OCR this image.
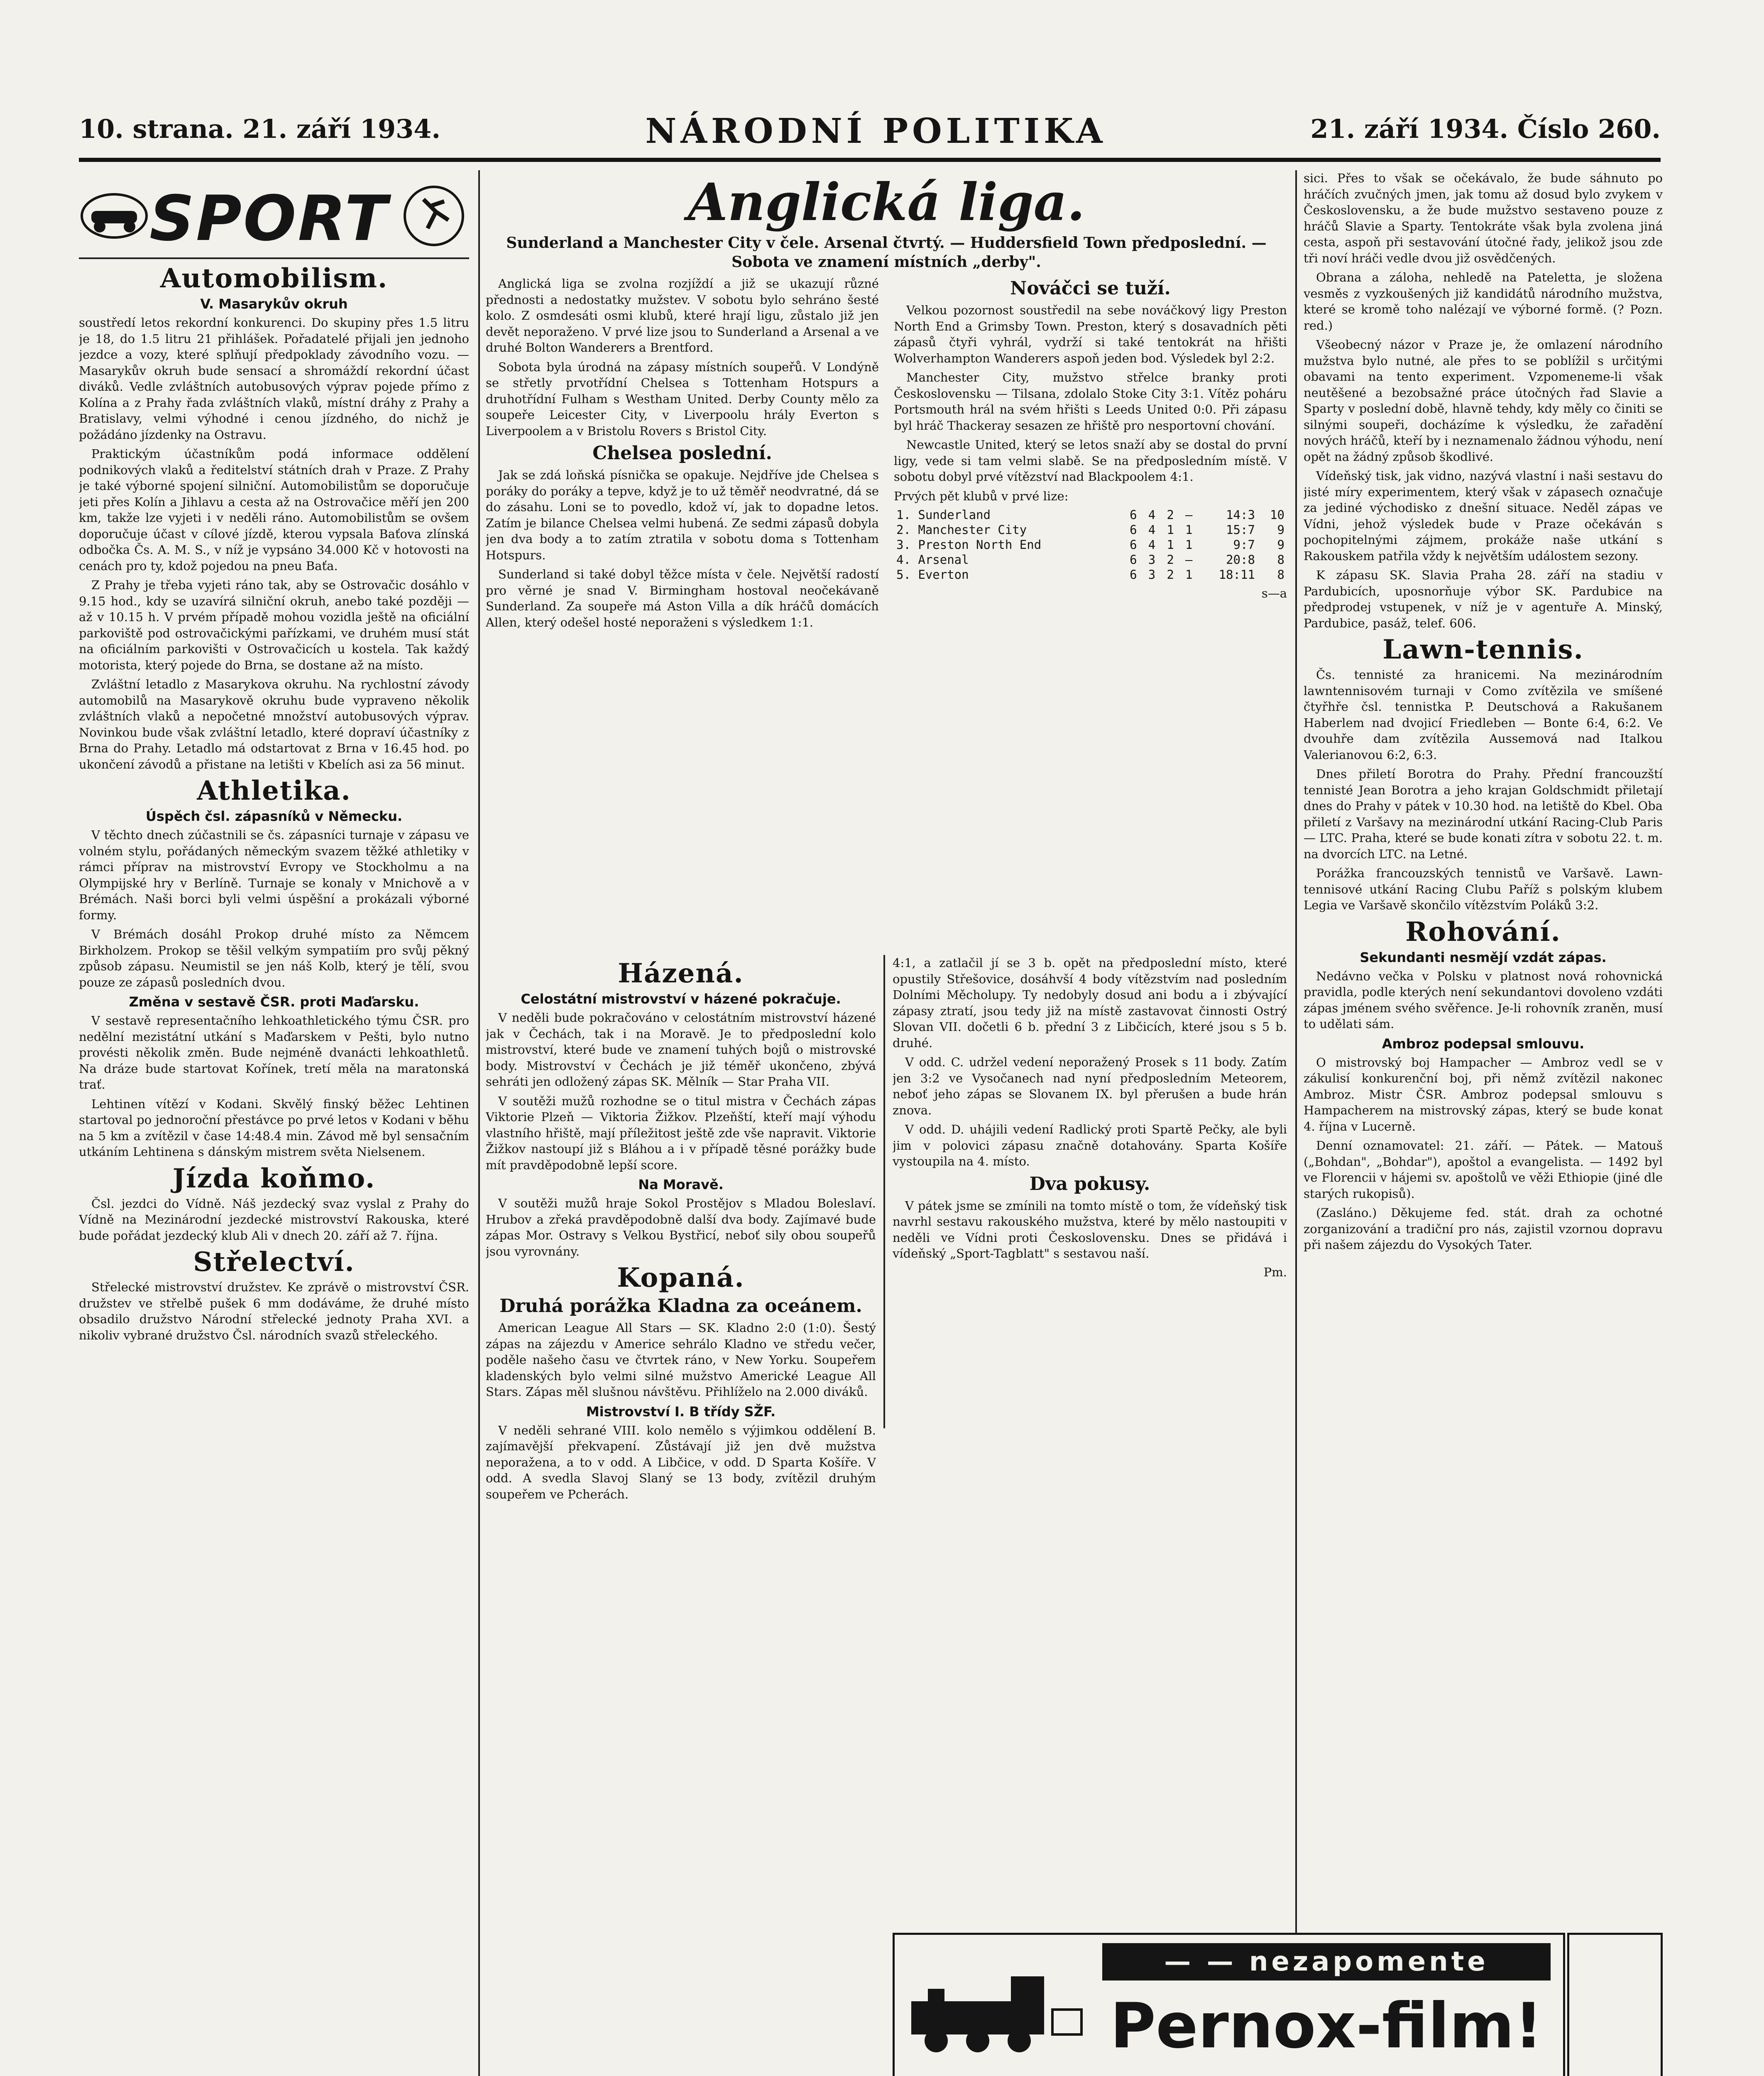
10. strana. 21. září 1934.	NÁRODNÍ POLITIKA	21. září 1934. Číslo 260.
SPORT
Automobilism.
V. Masarykův okruh

soustředí letos rekordní konkurenci. Do skupiny přes 1.5 litru je 18, do 1.5 litru 21 přihlášek. Pořadatelé přijali jen jednoho jezdce a vozy, které splňují předpoklady závodního vozu. — Masarykův okruh bude sensací a shromáždí rekordní účast diváků. Vedle zvláštních autobusových výprav pojede přímo z Kolína a z Prahy řada zvláštních vlaků, místní dráhy z Prahy a Bratislavy, velmi výhodné i cenou jízdného, do nichž je požádáno jízdenky na Ostravu.

Praktickým účastníkům podá informace oddělení podnikových vlaků a ředitelství státních drah v Praze. Z Prahy je také výborné spojení silniční. Automobilistům se doporučuje jeti přes Kolín a Jihlavu a cesta až na Ostrovačice měří jen 200 km, takže lze vyjeti i v neděli ráno. Automobilistům se ovšem doporučuje účast v cílové jízdě, kterou vypsala Baťova zlínská odbočka Čs. A. M. S., v níž je vypsáno 34.000 Kč v hotovosti na cenách pro ty, kdož pojedou na pneu Baťa.

Z Prahy je třeba vyjeti ráno tak, aby se Ostrovačic dosáhlo v 9.15 hod., kdy se uzavírá silniční okruh, anebo také později — až v 10.15 h. V prvém případě mohou vozidla ještě na oficiální parkoviště pod ostrovačickými pařízkami, ve druhém musí stát na oficiálním parkovišti v Ostrovačicích u kostela. Tak každý motorista, který pojede do Brna, se dostane až na místo.

Zvláštní letadlo z Masarykova okruhu. Na rychlostní závody automobilů na Masarykově okruhu bude vypraveno několik zvláštních vlaků a nepočetné množství autobusových výprav. Novinkou bude však zvláštní letadlo, které dopraví účastníky z Brna do Prahy. Letadlo má odstartovat z Brna v 16.45 hod. po ukončení závodů a přistane na letišti v Kbelích asi za 56 minut.

Athletika.
Úspěch čsl. zápasníků v Německu.

V těchto dnech zúčastnili se čs. zápasníci turnaje v zápasu ve volném stylu, pořádaných německým svazem těžké athletiky v rámci příprav na mistrovství Evropy ve Stockholmu a na Olympijské hry v Berlíně. Turnaje se konaly v Mnichově a v Brémách. Naši borci byli velmi úspěšní a prokázali výborné formy.

V Brémách dosáhl Prokop druhé místo za Němcem Birkholzem. Prokop se těšil velkým sympatiím pro svůj pěkný způsob zápasu. Neumistil se jen náš Kolb, který je tělí, svou pouze ze zápasů posledních dvou.

Změna v sestavě ČSR. proti Maďarsku.

V sestavě representačního lehkoathletického týmu ČSR. pro nedělní mezistátní utkání s Maďarskem v Pešti, bylo nutno provésti několik změn. Bude nejméně dvanácti lehkoathletů. Na dráze bude startovat Kořínek, tretí měla na maratonská trať.

Lehtinen vítězí v Kodani. Skvělý finský běžec Lehtinen startoval po jednoroční přestávce po prvé letos v Kodani v běhu na 5 km a zvítězil v čase 14:48.4 min. Závod mě byl sensačním utkáním Lehtinena s dánským mistrem světa Nielsenem.

Jízda koňmo.

Čsl. jezdci do Vídně. Náš jezdecký svaz vyslal z Prahy do Vídně na Mezinárodní jezdecké mistrovství Rakouska, které bude pořádat jezdecký klub Ali v dnech 20. září až 7. října.

Střelectví.

Střelecké mistrovství družstev. Ke zprávě o mistrovství ČSR. družstev ve střelbě pušek 6 mm dodáváme, že druhé místo obsadilo družstvo Národní střelecké jednoty Praha XVI. a nikoliv vybrané družstvo Čsl. národních svazů střeleckého.

Anglická liga.
Sunderland a Manchester City v čele. Arsenal čtvrtý. — Huddersfield Town předposlední. — Sobota ve znamení místních „derby".

Anglická liga se zvolna rozjíždí a již se ukazují různé přednosti a nedostatky mužstev. V sobotu bylo sehráno šesté kolo. Z osmdesáti osmi klubů, které hrají ligu, zůstalo již jen devět neporaženo. V prvé lize jsou to Sunderland a Arsenal a ve druhé Bolton Wanderers a Brentford.

Sobota byla úrodná na zápasy místních soupeřů. V Londýně se střetly prvotřídní Chelsea s Tottenham Hotspurs a druhotřídní Fulham s Westham United. Derby County mělo za soupeře Leicester City, v Liverpoolu hrály Everton s Liverpoolem a v Bristolu Rovers s Bristol City.

Chelsea poslední.

Jak se zdá loňská písnička se opakuje. Nejdříve jde Chelsea s poráky do poráky a tepve, když je to už těměř neodvratné, dá se do zásahu. Loni se to povedlo, kdož ví, jak to dopadne letos. Zatím je bilance Chelsea velmi hubená. Ze sedmi zápasů dobyla jen dva body a to zatím ztratila v sobotu doma s Tottenham Hotspurs.

Sunderland si také dobyl těžce místa v čele. Největší radostí pro věrné je snad V. Birmingham hostoval neočekávaně Sunderland. Za soupeře má Aston Villa a dík hráčů domácích Allen, který odešel hosté neporaženi s výsledkem 1:1.

Nováčci se tuží.

Velkou pozornost soustředil na sebe nováčkový ligy Preston North End a Grimsby Town. Preston, který s dosavadních pěti zápasů čtyři vyhrál, vydrží si také tentokrát na hřišti Wolverhampton Wanderers aspoň jeden bod. Výsledek byl 2:2.

Manchester City, mužstvo střelce branky proti Československu — Tilsana, zdolalo Stoke City 3:1. Vítěz poháru Portsmouth hrál na svém hřišti s Leeds United 0:0. Při zápasu byl hráč Thackeray sesazen ze hřiště pro nesportovní chování.

Newcastle United, který se letos snaží aby se dostal do první ligy, vede si tam velmi slabě. Se na předposledním místě. V sobotu dobyl prvé vítězství nad Blackpoolem 4:1.

Prvých pět klubů v prvé lize:

1. Sunderland	6	4	2	—	14:3	10
2. Manchester City	6	4	1	1	15:7	9
3. Preston North End	6	4	1	1	9:7	9
4. Arsenal	6	3	2	—	20:8	8
5. Everton	6	3	2	1	18:11	8
s—a
Házená.
Celostátní mistrovství v házené pokračuje.

V neděli bude pokračováno v celostátním mistrovství házené jak v Čechách, tak i na Moravě. Je to předposlední kolo mistrovství, které bude ve znamení tuhých bojů o mistrovské body. Mistrovství v Čechách je již téměř ukončeno, zbývá sehráti jen odložený zápas SK. Mělník — Star Praha VII.

V soutěži mužů rozhodne se o titul mistra v Čechách zápas Viktorie Plzeň — Viktoria Žižkov. Plzeňští, kteří mají výhodu vlastního hřiště, mají příležitost ještě zde vše napravit. Viktorie Žižkov nastoupí již s Bláhou a i v případě těsné porážky bude mít pravděpodobně lepší score.

Na Moravě.

V soutěži mužů hraje Sokol Prostějov s Mladou Boleslaví. Hrubov a zřeká pravděpodobně další dva body. Zajímavé bude zápas Mor. Ostravy s Velkou Bystřicí, neboť sily obou soupeřů jsou vyrovnány.

Kopaná.
Druhá porážka Kladna za oceánem.

American League All Stars — SK. Kladno 2:0 (1:0). Šestý zápas na zájezdu v Americe sehrálo Kladno ve středu večer, poděle našeho času ve čtvrtek ráno, v New Yorku. Soupeřem kladenských bylo velmi silné mužstvo Americké League All Stars. Zápas měl slušnou návštěvu. Přihlíželo na 2.000 diváků.

Mistrovství I. B třídy SŽF.

V neděli sehrané VIII. kolo nemělo s výjimkou oddělení B. zajímavější překvapení. Zůstávají již jen dvě mužstva neporažena, a to v odd. A Libčice, v odd. D Sparta Košíře. V odd. A svedla Slavoj Slaný se 13 body, zvítězil druhým soupeřem ve Pcherách.

4:1, a zatlačil jí se 3 b. opět na předposlední místo, které opustily Střešovice, dosáhvší 4 body vítězstvím nad posledním Dolními Měcholupy. Ty nedobyly dosud ani bodu a i zbývající zápasy ztratí, jsou tedy již na místě zastavovat činnosti Ostrý Slovan VII. dočetli 6 b. přední 3 z Libčicích, které jsou s 5 b. druhé.

V odd. C. udržel vedení neporažený Prosek s 11 body. Zatím jen 3:2 ve Vysočanech nad nyní předposledním Meteorem, neboť jeho zápas se Slovanem IX. byl přerušen a bude hrán znova.

V odd. D. uhájili vedení Radlický proti Spartě Pečky, ale byli jim v polovici zápasu značně dotahovány. Sparta Košíře vystoupila na 4. místo.

Dva pokusy.

V pátek jsme se zmínili na tomto místě o tom, že vídeňský tisk navrhl sestavu rakouského mužstva, které by mělo nastoupiti v neděli ve Vídni proti Československu. Dnes se přidává i vídeňský „Sport-Tagblatt" s sestavou naší.

Pm.

sici. Přes to však se očekávalo, že bude sáhnuto po hráčích zvučných jmen, jak tomu až dosud bylo zvykem v Československu, a že bude mužstvo sestaveno pouze z hráčů Slavie a Sparty. Tentokráte však byla zvolena jiná cesta, aspoň při sestavování útočné řady, jelikož jsou zde tři noví hráči vedle dvou již osvědčených.

Obrana a záloha, nehledě na Pateletta, je složena vesměs z vyzkoušených již kandidátů národního mužstva, které se kromě toho nalézají ve výborné formě. (? Pozn. red.)

Všeobecný názor v Praze je, že omlazení národního mužstva bylo nutné, ale přes to se poblížil s určitými obavami na tento experiment. Vzpomeneme-li však neutěšené a bezobsažné práce útočných řad Slavie a Sparty v poslední době, hlavně tehdy, kdy měly co činiti se silnými soupeři, docházíme k výsledku, že zařadění nových hráčů, kteří by i neznamenalo žádnou výhodu, není opět na žádný způsob škodlivé.

Vídeňský tisk, jak vidno, nazývá vlastní i naši sestavu do jisté míry experimentem, který však v zápasech označuje za jediné východisko z dnešní situace. Neděl zápas ve Vídni, jehož výsledek bude v Praze očekáván s pochopitelnými zájmem, prokáže naše utkání s Rakouskem patřila vždy k největším událostem sezony.

K zápasu SK. Slavia Praha 28. září na stadiu v Pardubicích, uposnorňuje výbor SK. Pardubice na předprodej vstupenek, v níž je v agentuře A. Minský, Pardubice, pasáž, telef. 606.

Lawn-tennis.

Čs. tennisté za hranicemi. Na mezinárodním lawntennisovém turnaji v Como zvítězila ve smíšené čtyřhře čsl. tennistka P. Deutschová a Rakušanem Haberlem nad dvojicí Friedleben — Bonte 6:4, 6:2. Ve dvouhře dam zvítězila Aussemová nad Italkou Valerianovou 6:2, 6:3.

Dnes přiletí Borotra do Prahy. Přední francouzští tennisté Jean Borotra a jeho krajan Goldschmidt přiletají dnes do Prahy v pátek v 10.30 hod. na letiště do Kbel. Oba přiletí z Varšavy na mezinárodní utkání Racing-Club Paris — LTC. Praha, které se bude konati zítra v sobotu 22. t. m. na dvorcích LTC. na Letné.

Porážka francouzských tennistů ve Varšavě. Lawn-tennisové utkání Racing Clubu Paříž s polským klubem Legia ve Varšavě skončilo vítězstvím Poláků 3:2.

Rohování.
Sekundanti nesmějí vzdát zápas.

Nedávno večka v Polsku v platnost nová rohovnická pravidla, podle kterých není sekundantovi dovoleno vzdáti zápas jménem svého svěřence. Je-li rohovník zraněn, musí to udělati sám.

Ambroz podepsal smlouvu.

O mistrovský boj Hampacher — Ambroz vedl se v zákulisí konkurenční boj, při němž zvítězil nakonec Ambroz. Mistr ČSR. Ambroz podepsal smlouvu s Hampacherem na mistrovský zápas, který se bude konat 4. října v Lucerně.

Denní oznamovatel: 21. září. — Pátek. — Matouš („Bohdan", „Bohdar"), apoštol a evangelista. — 1492 byl ve Florencii v hájemi sv. apoštolů ve věži Ethiopie (jiné dle starých rukopisů).

(Zasláno.) Děkujeme fed. stát. drah za ochotné zorganizování a tradiční pro nás, zajistil vzornou dopravu při našem zájezdu do Vysokých Tater.

— — nezapomente
Pernox-film!
